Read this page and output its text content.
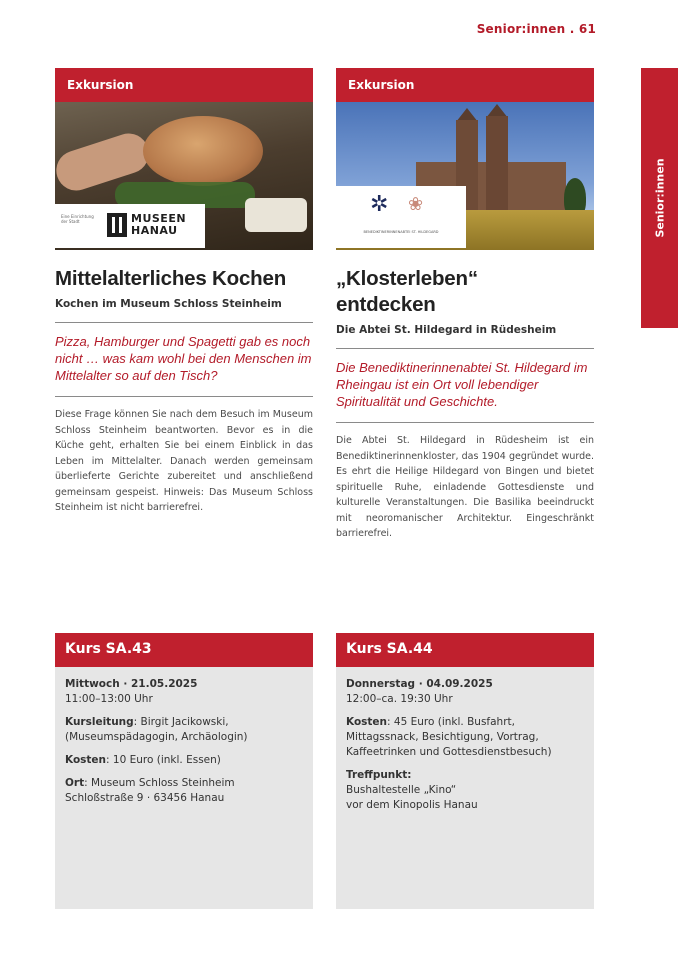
Senior:innen . 61
Senior:innen
Exkursion
Eine Einrichtung der Stadt	MUSEEN
HANAU
Mittelalterliches Kochen
Kochen im Museum Schloss Steinheim
Pizza, Hamburger und Spagetti gab es noch nicht … was kam wohl bei den Menschen im Mittelalter so auf den Tisch?
Diese Frage können Sie nach dem Besuch im Museum Schloss Steinheim beantworten. Bevor es in die Küche geht, erhalten Sie bei einem Einblick in das Leben im Mittelalter. Danach werden gemeinsam überlieferte Gerichte zubereitet und anschließend gemeinsam gespeist. Hinweis: Das Museum Schloss Steinheim ist nicht barrierefrei.
Exkursion
✲ ❀
BENEDIKTINERINNENABTEI ST. HILDEGARD
„Klosterleben“
entdecken
Die Abtei St. Hildegard in Rüdesheim
Die Benediktinerinnenabtei St. Hildegard im Rheingau ist ein Ort voll lebendiger Spiritualität und Geschichte.
Die Abtei St. Hildegard in Rüdesheim ist ein Benediktinerinnenkloster, das 1904 gegründet wurde. Es ehrt die Heilige Hildegard von Bingen und bietet spirituelle Ruhe, einladende Gottesdienste und kulturelle Veranstaltungen. Die Basilika beeindruckt mit neoromanischer Architektur. Eingeschränkt barrierefrei.
Kurs SA.43

Mittwoch · 21.05.2025
11:00–13:00 Uhr

Kursleitung: Birgit Jacikowski, (Museumspädagogin, Archäologin)

Kosten: 10 Euro (inkl. Essen)

Ort: Museum Schloss Steinheim Schloßstraße 9 · 63456 Hanau

Kurs SA.44

Donnerstag · 04.09.2025
12:00–ca. 19:30 Uhr

Kosten: 45 Euro (inkl. Busfahrt, Mittagssnack, Besichtigung, Vortrag, Kaffeetrinken und Gottesdienstbesuch)

Treffpunkt:
Bushaltestelle „Kino“
vor dem Kinopolis Hanau
